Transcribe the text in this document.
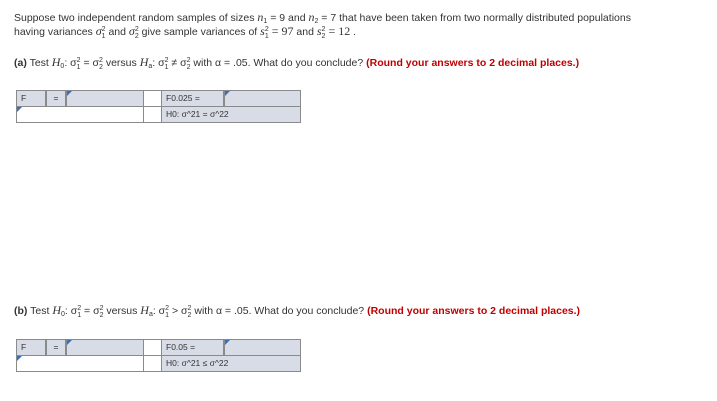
Suppose two independent random samples of sizes $n_1 = 9$ and $n_2 = 7$ that have been taken from two normally distributed populations
having variances σ 2
1 and σ 2
2 give sample variances of s 2
1 = 97 and s 2
2 = 12 .
(a) Test $H_0$: σ 2
1 = σ 2
2 versus $H_a$: σ 2
1 ≠ σ 2
2 with α = .05. What do you conclude? (Round your answers to 2 decimal places.)
F	=	F0.025 =
H0: σ^21 = σ^22
(b) Test $H_0$: σ 2
1 = σ 2
2 versus $H_a$: σ 2
1 > σ 2
2 with α = .05. What do you conclude? (Round your answers to 2 decimal places.)
F	=	F0.05 =
H0: σ^21 ≤ σ^22
